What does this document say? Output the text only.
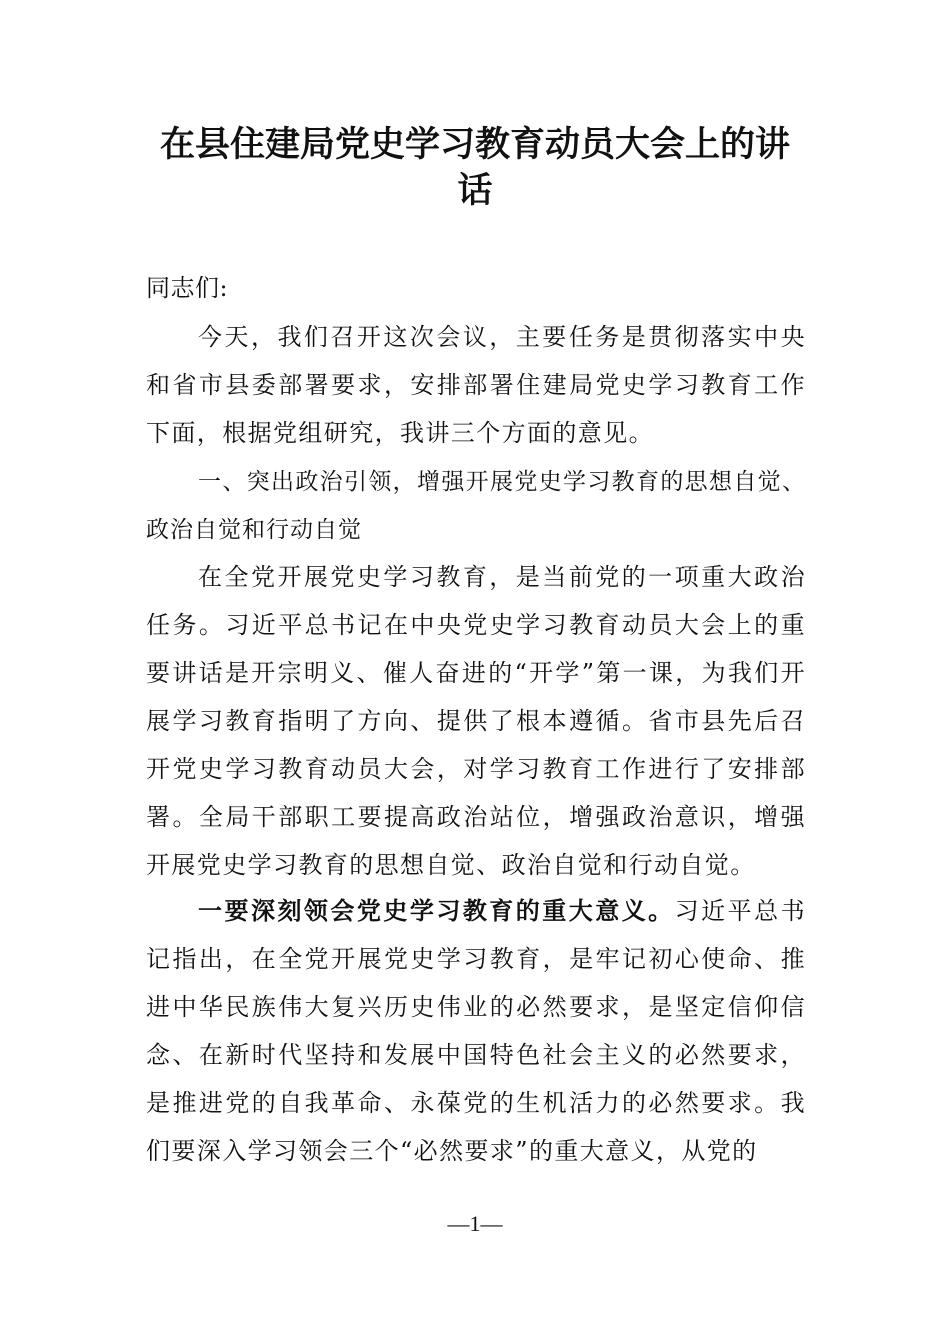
在县住建局党史学习教育动员大会上的讲
话

同志们:

今天，我们召开这次会议，主要任务是贯彻落实中央和省市县委部署要求，安排部署住建局党史学习教育工作下面，根据党组研究，我讲三个方面的意见。

一、突出政治引领，增强开展党史学习教育的思想自觉、政治自觉和行动自觉

在全党开展党史学习教育，是当前党的一项重大政治任务。习近平总书记在中央党史学习教育动员大会上的重要讲话是开宗明义、催人奋进的“开学”第一课，为我们开展学习教育指明了方向、提供了根本遵循。省市县先后召开党史学习教育动员大会，对学习教育工作进行了安排部署。全局干部职工要提高政治站位，增强政治意识，增强开展党史学习教育的思想自觉、政治自觉和行动自觉。

一要深刻领会党史学习教育的重大意义。习近平总书记指出，在全党开展党史学习教育，是牢记初心使命、推进中华民族伟大复兴历史伟业的必然要求，是坚定信仰信念、在新时代坚持和发展中国特色社会主义的必然要求，是推进党的自我革命、永葆党的生机活力的必然要求。我们要深入学习领会三个“必然要求”的重大意义，从党的

—1—
